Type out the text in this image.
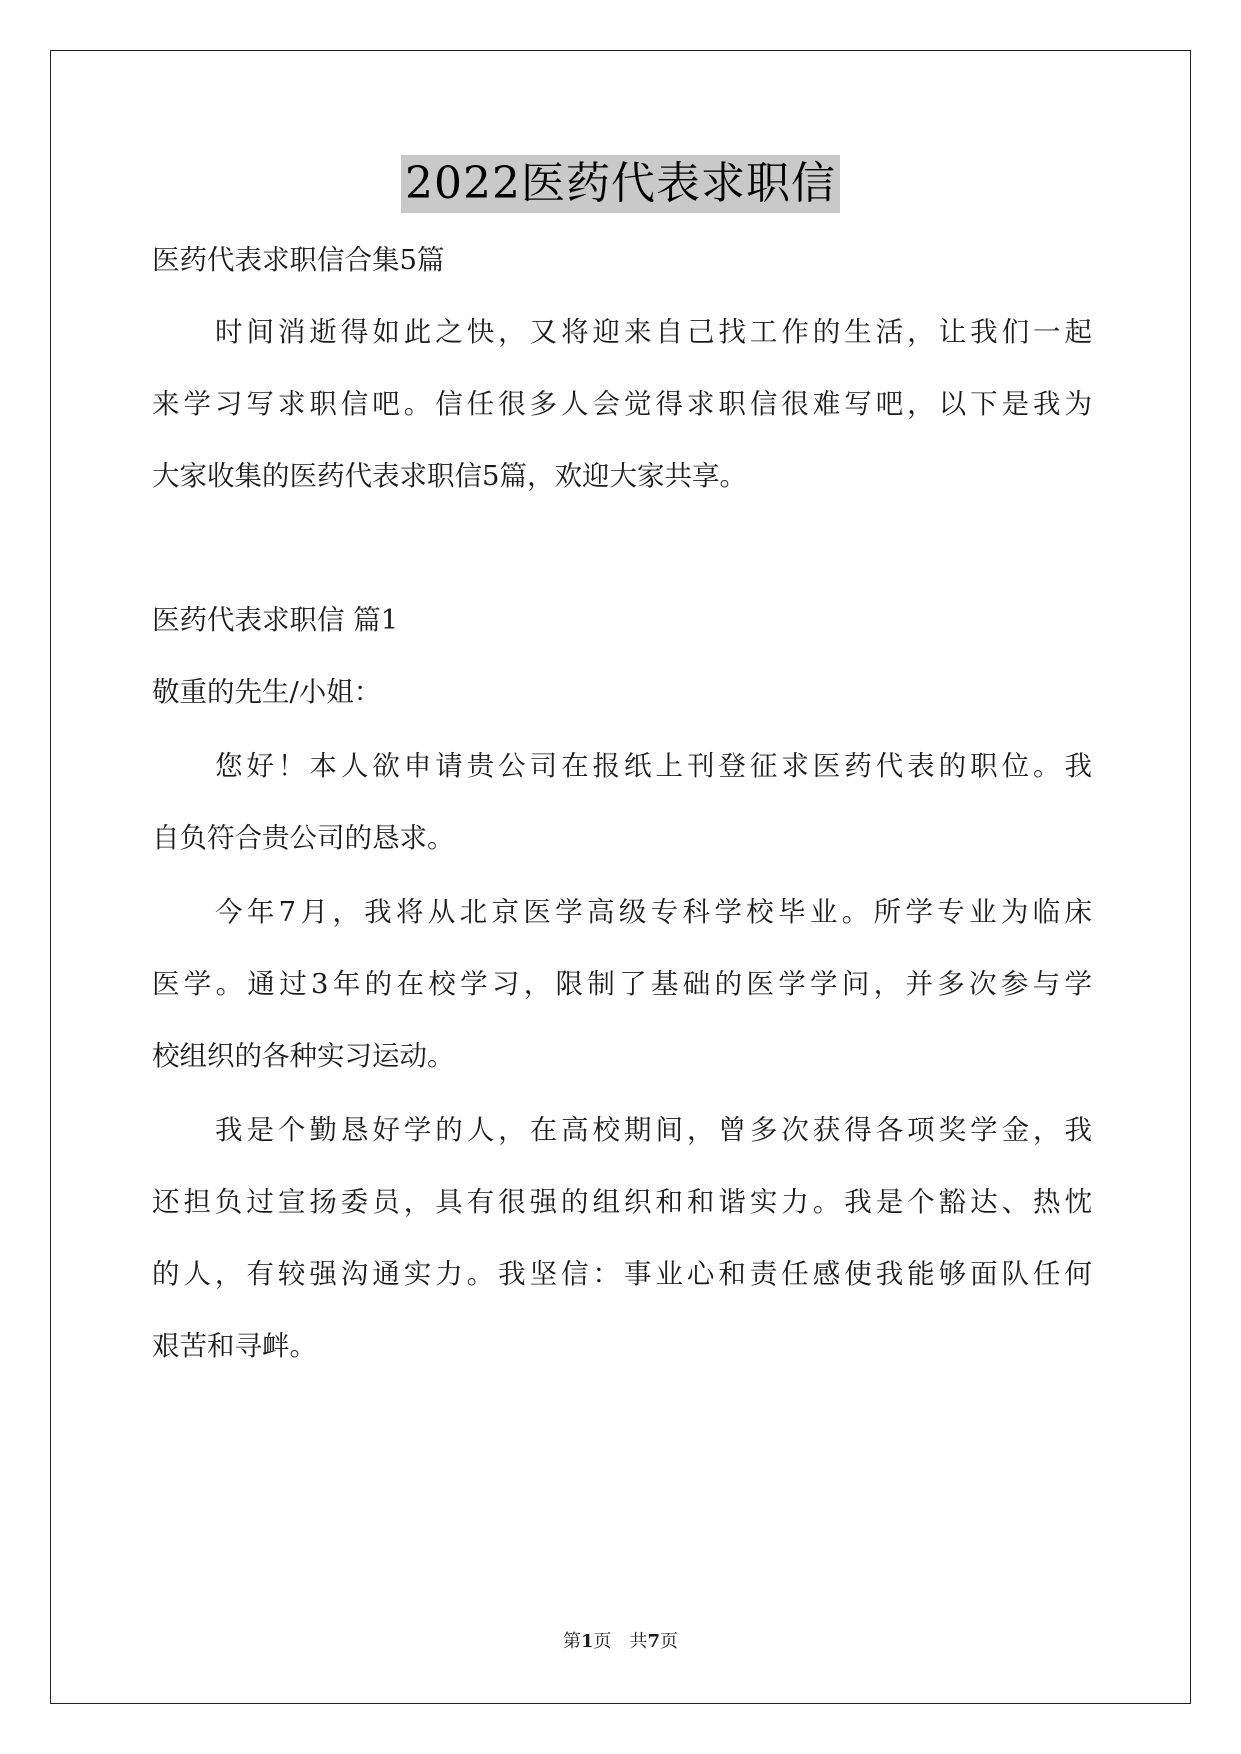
2022医药代表求职信
医药代表求职信合集5篇
时间消逝得如此之快，又将迎来自己找工作的生活，让我们一起
来学习写求职信吧。信任很多人会觉得求职信很难写吧，以下是我为
大家收集的医药代表求职信5篇，欢迎大家共享。
医药代表求职信 篇1
敬重的先生/小姐：
您好！本人欲申请贵公司在报纸上刊登征求医药代表的职位。我
自负符合贵公司的恳求。
今年7月，我将从北京医学高级专科学校毕业。所学专业为临床
医学。通过3年的在校学习，限制了基础的医学学问，并多次参与学
校组织的各种实习运动。
我是个勤恳好学的人，在高校期间，曾多次获得各项奖学金，我
还担负过宣扬委员，具有很强的组织和和谐实力。我是个豁达、热忱
的人，有较强沟通实力。我坚信：事业心和责任感使我能够面队任何
艰苦和寻衅。
第1页　共7页
